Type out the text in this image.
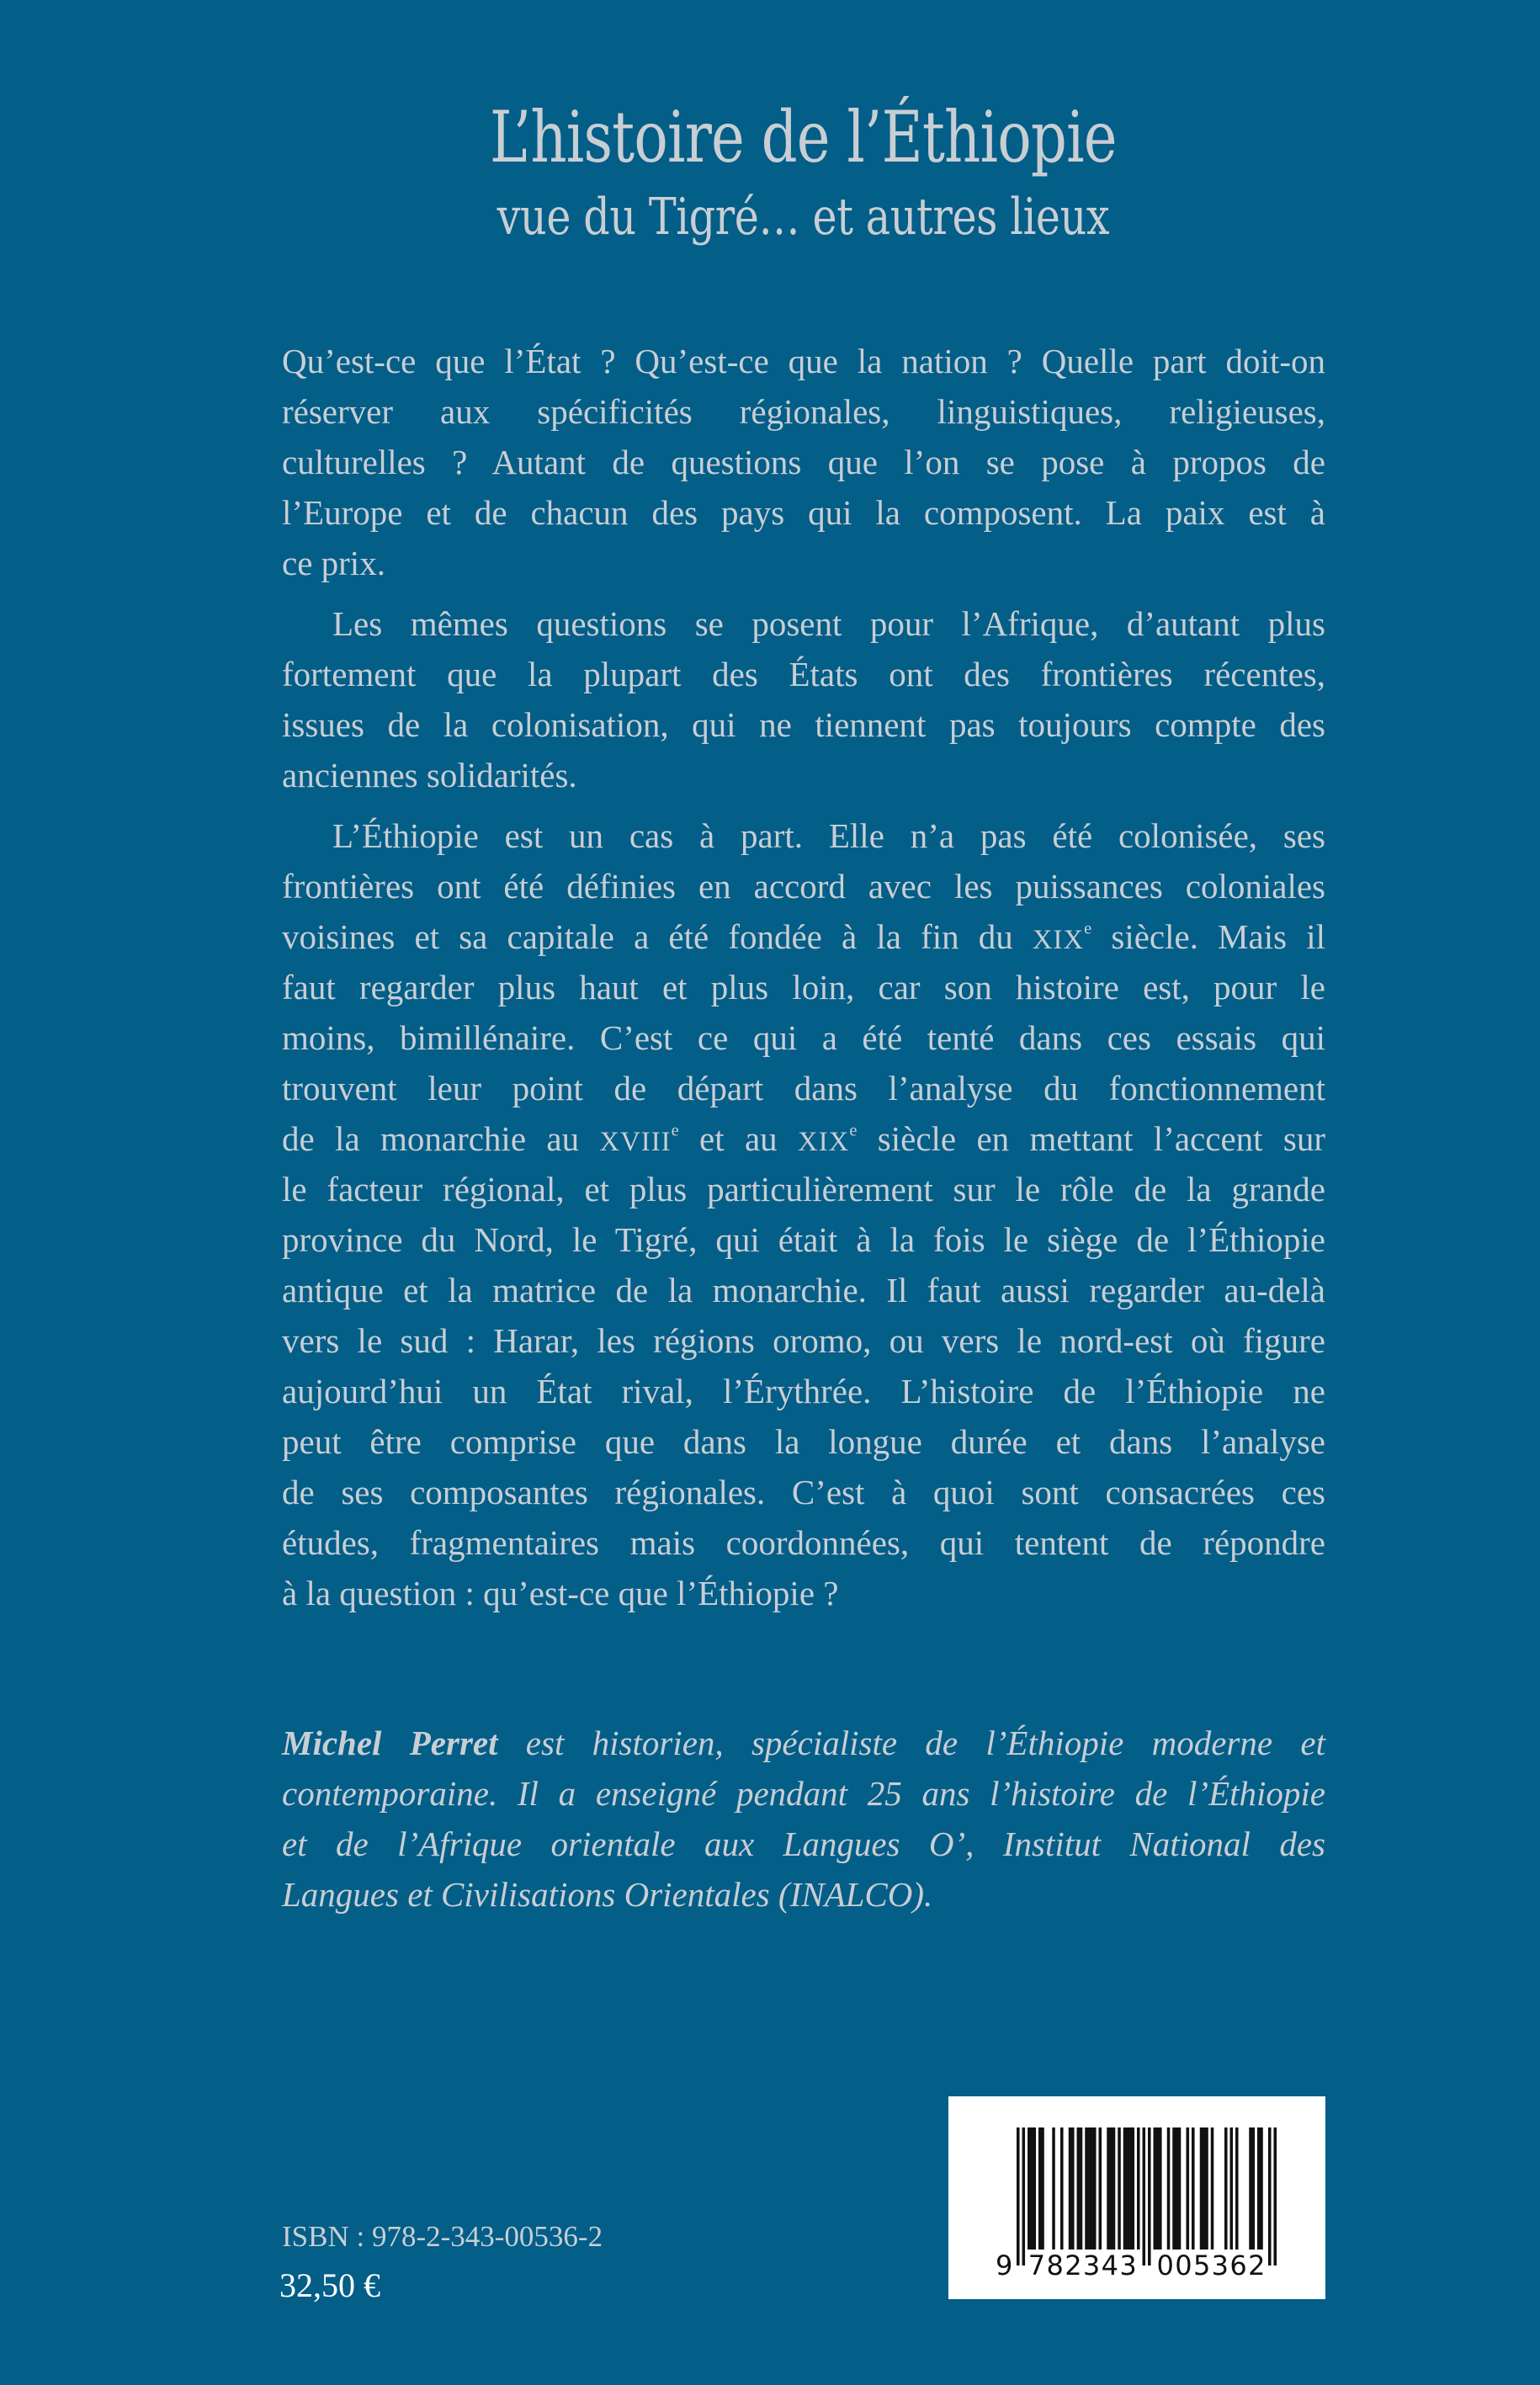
L’histoire de l’Éthiopie
vue du Tigré… et autres lieux
Qu’est-ce que l’État ? Qu’est-ce que la nation ? Quelle part doit-on
réserver aux spécificités régionales, linguistiques, religieuses,
culturelles ? Autant de questions que l’on se pose à propos de
l’Europe et de chacun des pays qui la composent. La paix est à
ce prix.
Les mêmes questions se posent pour l’Afrique, d’autant plus
fortement que la plupart des États ont des frontières récentes,
issues de la colonisation, qui ne tiennent pas toujours compte des
anciennes solidarités.
L’Éthiopie est un cas à part. Elle n’a pas été colonisée, ses
frontières ont été définies en accord avec les puissances coloniales
voisines et sa capitale a été fondée à la fin du XIXe siècle. Mais il
faut regarder plus haut et plus loin, car son histoire est, pour le
moins, bimillénaire. C’est ce qui a été tenté dans ces essais qui
trouvent leur point de départ dans l’analyse du fonctionnement
de la monarchie au XVIIIe et au XIXe siècle en mettant l’accent sur
le facteur régional, et plus particulièrement sur le rôle de la grande
province du Nord, le Tigré, qui était à la fois le siège de l’Éthiopie
antique et la matrice de la monarchie. Il faut aussi regarder au-delà
vers le sud : Harar, les régions oromo, ou vers le nord-est où figure
aujourd’hui un État rival, l’Érythrée. L’histoire de l’Éthiopie ne
peut être comprise que dans la longue durée et dans l’analyse
de ses composantes régionales. C’est à quoi sont consacrées ces
études, fragmentaires mais coordonnées, qui tentent de répondre
à la question : qu’est-ce que l’Éthiopie ?
Michel Perret est historien, spécialiste de l’Éthiopie moderne et
contemporaine. Il a enseigné pendant 25 ans l’histoire de l’Éthiopie
et de l’Afrique orientale aux Langues O’, Institut National des
Langues et Civilisations Orientales (INALCO).
ISBN : 978-2-343-00536-2
32,50 €
9 782343 005362
